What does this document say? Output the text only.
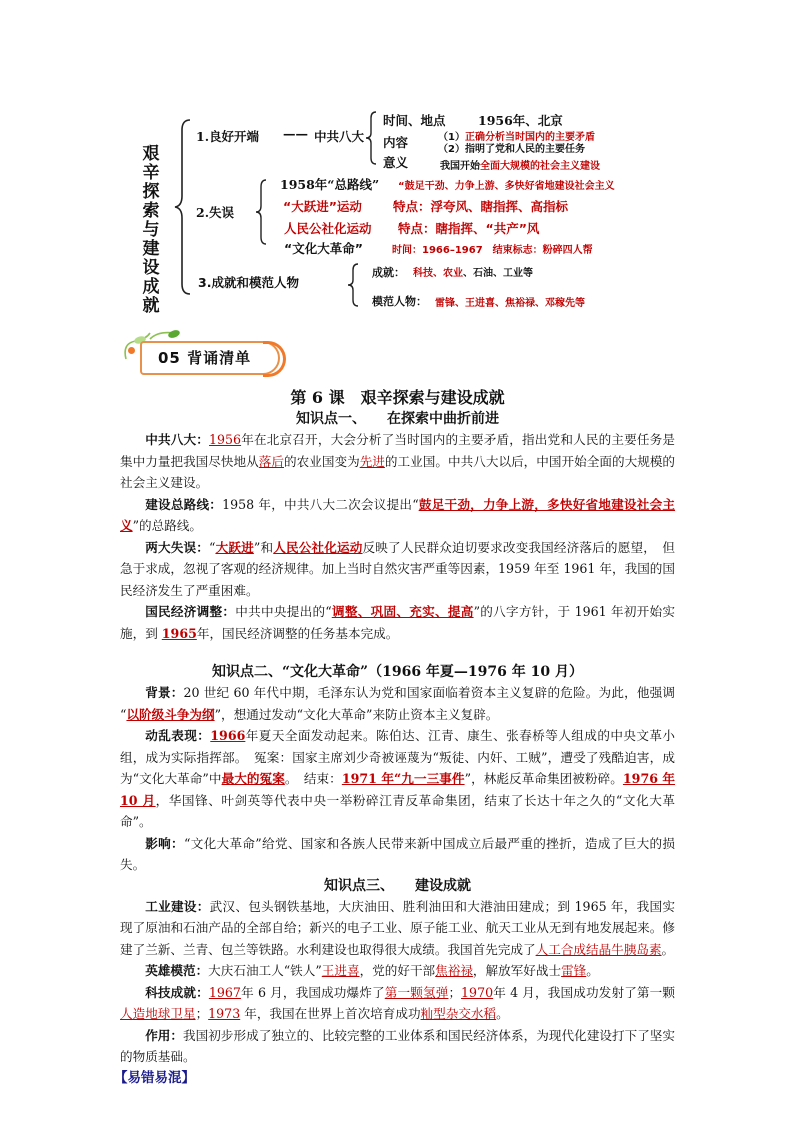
艰
辛
探
索
与
建
设
成
就
1.良好开端 —— 中共八大
时间、地点	1956年、北京
内容	（1）正确分析当时国内的主要矛盾
（2）指明了党和人民的主要任务
意义	我国开始全面大规模的社会主义建设
2.失误
1958年“总路线” “鼓足干劲、力争上游、多快好省地建设社会主义
“大跃进”运动 特点：浮夸风、瞎指挥、高指标
人民公社化运动 特点：瞎指挥、“共产”风
“文化大革命”	时间：1966–1967　结束标志：粉碎四人帮
3.成就和模范人物
成就： 科技、农业、石油、工业等
模范人物： 雷锋、王进喜、焦裕禄、邓稼先等
05 背诵清单
第 6 课　艰辛探索与建设成就
知识点一、　　在探索中曲折前进

中共八大：1956年在北京召开，大会分析了当时国内的主要矛盾，指出党和人民的主要任务是集中力量把我国尽快地从落后的农业国变为先进的工业国。中共八大以后，中国开始全面的大规模的社会主义建设。

建设总路线：1958 年，中共八大二次会议提出“鼓足干劲，力争上游，多快好省地建设社会主义”的总路线。

两大失误：“大跃进”和人民公社化运动反映了人民群众迫切要求改变我国经济落后的愿望，　但急于求成，忽视了客观的经济规律。加上当时自然灾害严重等因素，1959 年至 1961 年，我国的国民经济发生了严重困难。

国民经济调整：中共中央提出的“调整、巩固、充实、提高”的八字方针，于 1961 年初开始实施，到 1965年，国民经济调整的任务基本完成。

知识点二、“文化大革命”（1966 年夏—1976 年 10 月）

背景：20 世纪 60 年代中期，毛泽东认为党和国家面临着资本主义复辟的危险。为此，他强调 “以阶级斗争为纲”，想通过发动“文化大革命”来防止资本主义复辟。

动乱表现：1966年夏天全面发动起来。陈伯达、江青、康生、张春桥等人组成的中央文革小组，成为实际指挥部。　冤案：国家主席刘少奇被诬蔑为“叛徒、内奸、工贼”，遭受了残酷迫害，成为“文化大革命”中最大的冤案。　结束：1971 年“九一三事件”，林彪反革命集团被粉碎。1976 年 10 月，华国锋、叶剑英等代表中央一举粉碎江青反革命集团，结束了长达十年之久的“文化大革命”。

影响：“文化大革命”给党、国家和各族人民带来新中国成立后最严重的挫折，造成了巨大的损失。

知识点三、　　建设成就

工业建设：武汉、包头钢铁基地，大庆油田、胜利油田和大港油田建成；到 1965 年，我国实现了原油和石油产品的全部自给；新兴的电子工业、原子能工业、航天工业从无到有地发展起来。修建了兰新、兰青、包兰等铁路。水利建设也取得很大成绩。我国首先完成了人工合成结晶牛胰岛素。

英雄模范：大庆石油工人“铁人”王进喜，党的好干部焦裕禄，解放军好战士雷锋。

科技成就：1967年 6 月，我国成功爆炸了第一颗氢弹；1970年 4 月，我国成功发射了第一颗人造地球卫星；1973 年，我国在世界上首次培育成功籼型杂交水稻。

作用：我国初步形成了独立的、比较完整的工业体系和国民经济体系，为现代化建设打下了坚实的物质基础。

【易错易混】
